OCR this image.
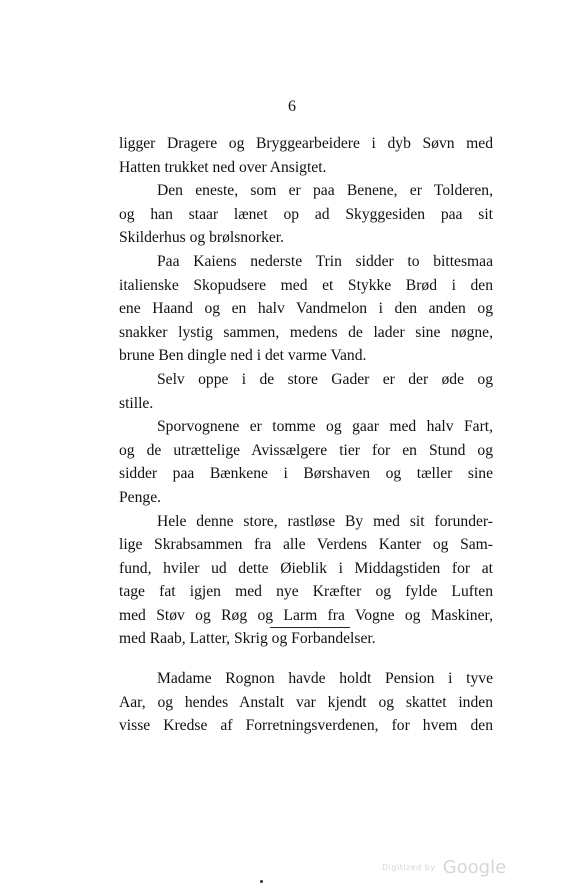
6
ligger Dragere og Bryggearbeidere i dyb Søvn med
Hatten trukket ned over Ansigtet.
Den eneste, som er paa Benene, er Tolderen,
og han staar lænet op ad Skyggesiden paa sit
Skilderhus og brølsnorker.
Paa Kaiens nederste Trin sidder to bittesmaa
italienske Skopudsere med et Stykke Brød i den
ene Haand og en halv Vandmelon i den anden og
snakker lystig sammen, medens de lader sine nøgne,
brune Ben dingle ned i det varme Vand.
Selv oppe i de store Gader er der øde og
stille.
Sporvognene er tomme og gaar med halv Fart,
og de utrættelige Avissælgere tier for en Stund og
sidder paa Bænkene i Børshaven og tæller sine
Penge.
Hele denne store, rastløse By med sit forunder-
lige Skrabsammen fra alle Verdens Kanter og Sam-
fund, hviler ud dette Øieblik i Middagstiden for at
tage fat igjen med nye Kræfter og fylde Luften
med Støv og Røg og Larm fra Vogne og Maskiner,
med Raab, Latter, Skrig og Forbandelser.
Madame Rognon havde holdt Pension i tyve
Aar, og hendes Anstalt var kjendt og skattet inden
visse Kredse af Forretningsverdenen, for hvem den
Digitized by Google
